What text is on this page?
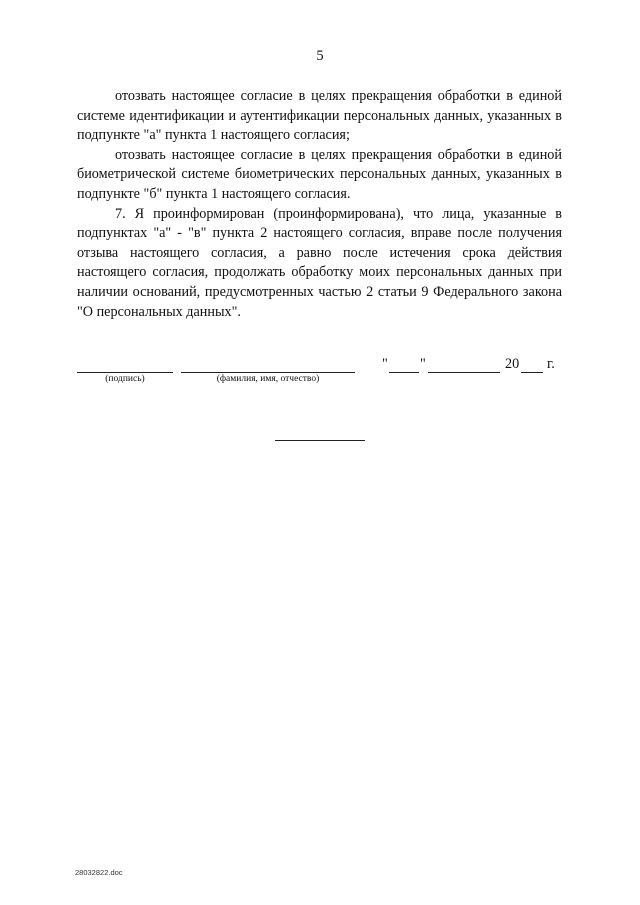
5

отозвать настоящее согласие в целях прекращения обработки в единой системе идентификации и аутентификации персональных данных, указанных в подпункте "а" пункта 1 настоящего согласия;

отозвать настоящее согласие в целях прекращения обработки в единой биометрической системе биометрических персональных данных, указанных в подпункте "б" пункта 1 настоящего согласия.

7. Я проинформирован (проинформирована), что лица, указанные в подпунктах "а" - "в" пункта 2 настоящего согласия, вправе после получения отзыва настоящего согласия, а равно после истечения срока действия настоящего согласия, продолжать обработку моих персональных данных при наличии оснований, предусмотренных частью 2 статьи 9 Федерального закона "О персональных данных".

(подпись)	(фамилия, имя, отчество)
" "	20 г.
28032822.doc
